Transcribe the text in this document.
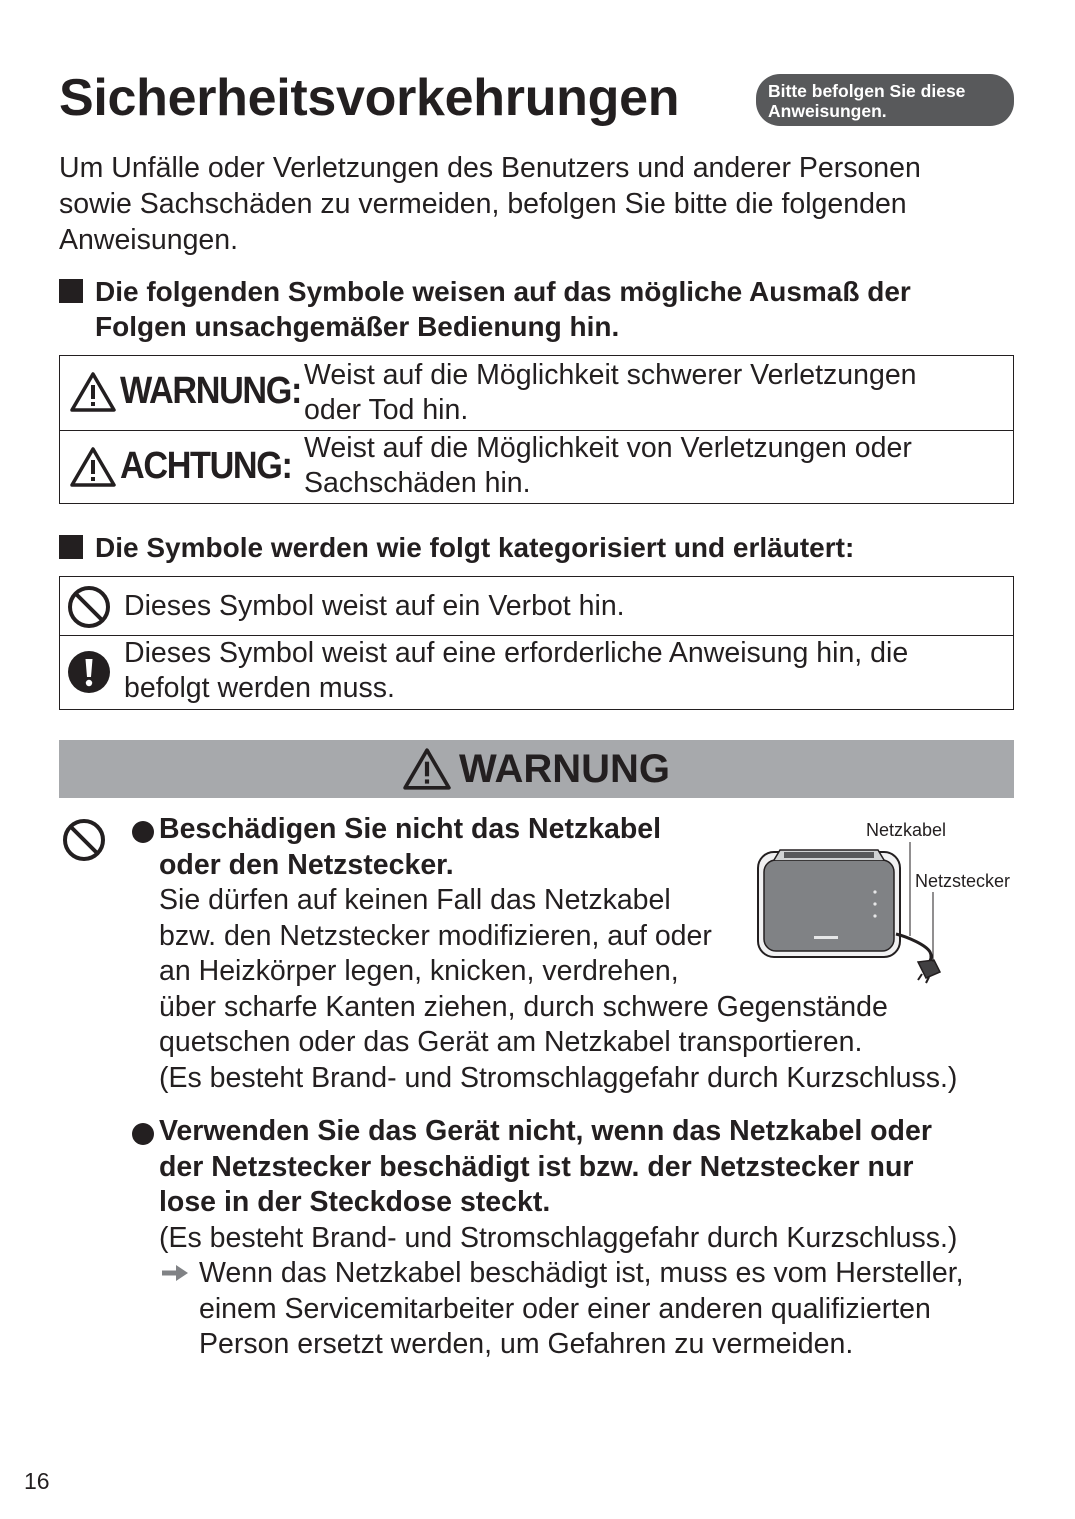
Sicherheitsvorkehrungen	Bitte befolgen Sie diese
Anweisungen.
Um Unfälle oder Verletzungen des Benutzers und anderer Personen
sowie Sachschäden zu vermeiden, befolgen Sie bitte die folgenden
Anweisungen.
Die folgenden Symbole weisen auf das mögliche Ausmaß der
Folgen unsachgemäßer Bedienung hin.
WARNUNG: Weist auf die Möglichkeit schwerer Verletzungen
oder Tod hin.
ACHTUNG: Weist auf die Möglichkeit von Verletzungen oder
Sachschäden hin.
Die Symbole werden wie folgt kategorisiert und erläutert:
Dieses Symbol weist auf ein Verbot hin.
Dieses Symbol weist auf eine erforderliche Anweisung hin, die
befolgt werden muss.
WARNUNG
Beschädigen Sie nicht das Netzkabel
oder den Netzstecker.
Sie dürfen auf keinen Fall das Netzkabel
bzw. den Netzstecker modifizieren, auf oder
an Heizkörper legen, knicken, verdrehen,
über scharfe Kanten ziehen, durch schwere Gegenstände
quetschen oder das Gerät am Netzkabel transportieren.
(Es besteht Brand- und Stromschlaggefahr durch Kurzschluss.)
Netzkabel
Netzstecker
Verwenden Sie das Gerät nicht, wenn das Netzkabel oder
der Netzstecker beschädigt ist bzw. der Netzstecker nur
lose in der Steckdose steckt.
(Es besteht Brand- und Stromschlaggefahr durch Kurzschluss.)
Wenn das Netzkabel beschädigt ist, muss es vom Hersteller,
einem Servicemitarbeiter oder einer anderen qualifizierten
Person ersetzt werden, um Gefahren zu vermeiden.
16
